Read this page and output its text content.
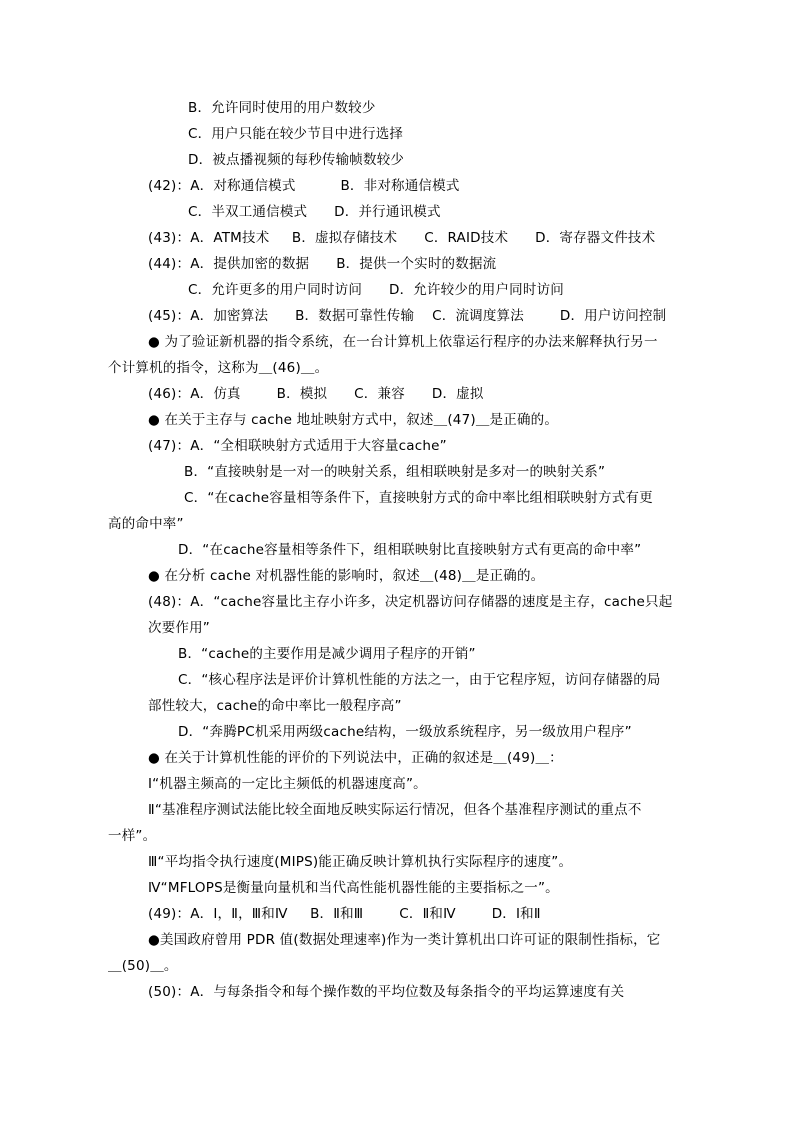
B．允许同时使用的用户数较少
C．用户只能在较少节目中进行选择
D．被点播视频的每秒传输帧数较少
(42)：A．对称通信模式          B．非对称通信模式
C．半双工通信模式      D．并行通讯模式
(43)：A．ATM技术     B．虚拟存储技术      C．RAID技术      D．寄存器文件技术
(44)：A．提供加密的数据      B．提供一个实时的数据流
C．允许更多的用户同时访问      D．允许较少的用户同时访问
(45)：A．加密算法      B．数据可靠性传输    C．流调度算法        D．用户访问控制
● 为了验证新机器的指令系统，在一台计算机上依靠运行程序的办法来解释执行另一
个计算机的指令，这称为＿(46)＿。
(46)：A．仿真        B．模拟      C．兼容      D．虚拟
● 在关于主存与 cache 地址映射方式中，叙述＿(47)＿是正确的。
(47)：A．“全相联映射方式适用于大容量cache”
B．“直接映射是一对一的映射关系，组相联映射是多对一的映射关系”
C．“在cache容量相等条件下，直接映射方式的命中率比组相联映射方式有更
高的命中率”
D．“在cache容量相等条件下，组相联映射比直接映射方式有更高的命中率”
● 在分析 cache 对机器性能的影响时，叙述＿(48)＿是正确的。
(48)：A．“cache容量比主存小许多，决定机器访问存储器的速度是主存，cache只起
次要作用”
B．“cache的主要作用是减少调用子程序的开销”
C．“核心程序法是评价计算机性能的方法之一，由于它程序短，访问存储器的局
部性较大，cache的命中率比一般程序高”
D．“奔腾PC机采用两级cache结构，一级放系统程序，另一级放用户程序”
● 在关于计算机性能的评价的下列说法中，正确的叙述是＿(49)＿：
Ⅰ“机器主频高的一定比主频低的机器速度高”。
Ⅱ“基准程序测试法能比较全面地反映实际运行情况，但各个基准程序测试的重点不
一样”。
Ⅲ“平均指令执行速度(MIPS)能正确反映计算机执行实际程序的速度”。
Ⅳ“MFLOPS是衡量向量机和当代高性能机器性能的主要指标之一”。
(49)：A．Ⅰ，Ⅱ，Ⅲ和Ⅳ     B．Ⅱ和Ⅲ        C．Ⅱ和Ⅳ        D．Ⅰ和Ⅱ
●美国政府曾用 PDR 值(数据处理速率)作为一类计算机出口许可证的限制性指标，它
＿(50)＿。
(50)：A．与每条指令和每个操作数的平均位数及每条指令的平均运算速度有关
